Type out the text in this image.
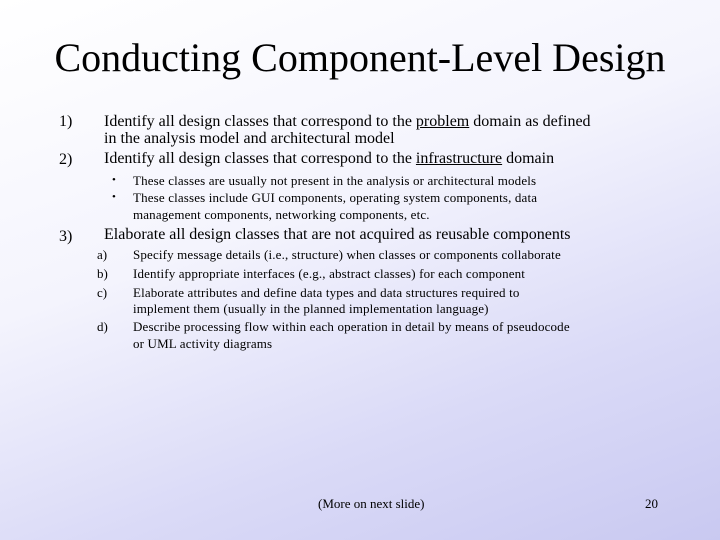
Conducting Component-Level Design
1) Identify all design classes that correspond to the problem domain as defined
in the analysis model and architectural model
2) Identify all design classes that correspond to the infrastructure domain
• These classes are usually not present in the analysis or architectural models
• These classes include GUI components, operating system components, data
management components, networking components, etc.
3) Elaborate all design classes that are not acquired as reusable components
a) Specify message details (i.e., structure) when classes or components collaborate
b) Identify appropriate interfaces (e.g., abstract classes) for each component
c) Elaborate attributes and define data types and data structures required to
implement them (usually in the planned implementation language)
d) Describe processing flow within each operation in detail by means of pseudocode
or UML activity diagrams
(More on next slide)	20
